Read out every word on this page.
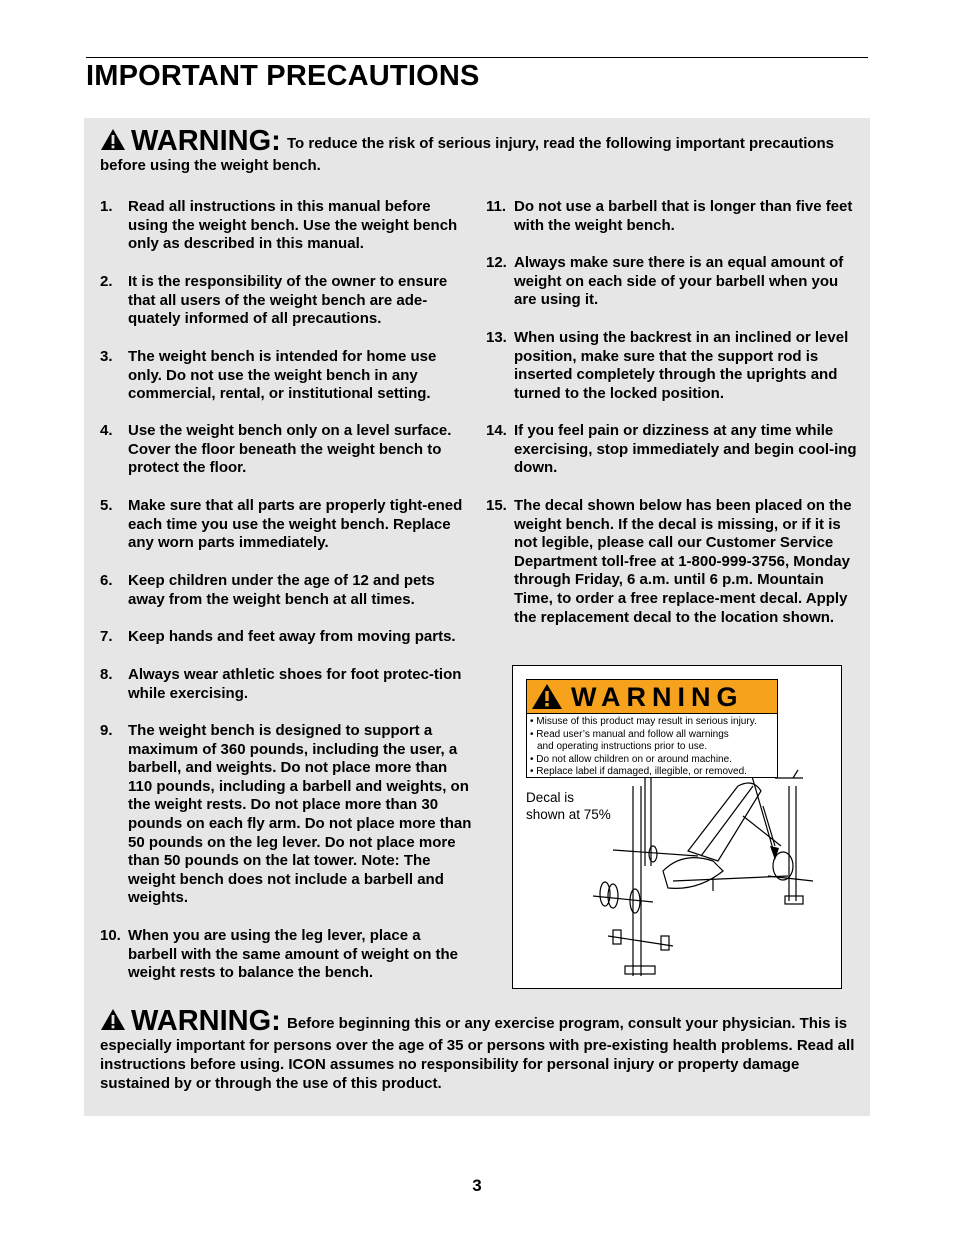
IMPORTANT PRECAUTIONS
WARNING: To reduce the risk of serious injury, read the following important precautions before using the weight bench.
1. Read all instructions in this manual before using the weight bench. Use the weight bench only as described in this manual.
2. It is the responsibility of the owner to ensure that all users of the weight bench are ade-quately informed of all precautions.
3. The weight bench is intended for home use only. Do not use the weight bench in any commercial, rental, or institutional setting.
4. Use the weight bench only on a level surface. Cover the floor beneath the weight bench to protect the floor.
5. Make sure that all parts are properly tight-ened each time you use the weight bench. Replace any worn parts immediately.
6. Keep children under the age of 12 and pets away from the weight bench at all times.
7. Keep hands and feet away from moving parts.
8. Always wear athletic shoes for foot protec-tion while exercising.
9. The weight bench is designed to support a maximum of 360 pounds, including the user, a barbell, and weights. Do not place more than 110 pounds, including a barbell and weights, on the weight rests. Do not place more than 30 pounds on each fly arm. Do not place more than 50 pounds on the leg lever. Do not place more than 50 pounds on the lat tower. Note: The weight bench does not include a barbell and weights.
10. When you are using the leg lever, place a barbell with the same amount of weight on the weight rests to balance the bench.
11. Do not use a barbell that is longer than five feet with the weight bench.
12. Always make sure there is an equal amount of weight on each side of your barbell when you are using it.
13. When using the backrest in an inclined or level position, make sure that the support rod is inserted completely through the uprights and turned to the locked position.
14. If you feel pain or dizziness at any time while exercising, stop immediately and begin cool-ing down.
15. The decal shown below has been placed on the weight bench. If the decal is missing, or if it is not legible, please call our Customer Service Department toll-free at 1-800-999-3756, Monday through Friday, 6 a.m. until 6 p.m. Mountain Time, to order a free replace-ment decal. Apply the replacement decal to the location shown.
WARNING
• Misuse of this product may result in serious injury.
• Read user’s manual and follow all warnings
and operating instructions prior to use.
• Do not allow children on or around machine.
• Replace label if damaged, illegible, or removed.
Decal is
shown at 75%
WARNING: Before beginning this or any exercise program, consult your physician. This is especially important for persons over the age of 35 or persons with pre-existing health problems. Read all instructions before using. ICON assumes no responsibility for personal injury or property damage sustained by or through the use of this product.
3
